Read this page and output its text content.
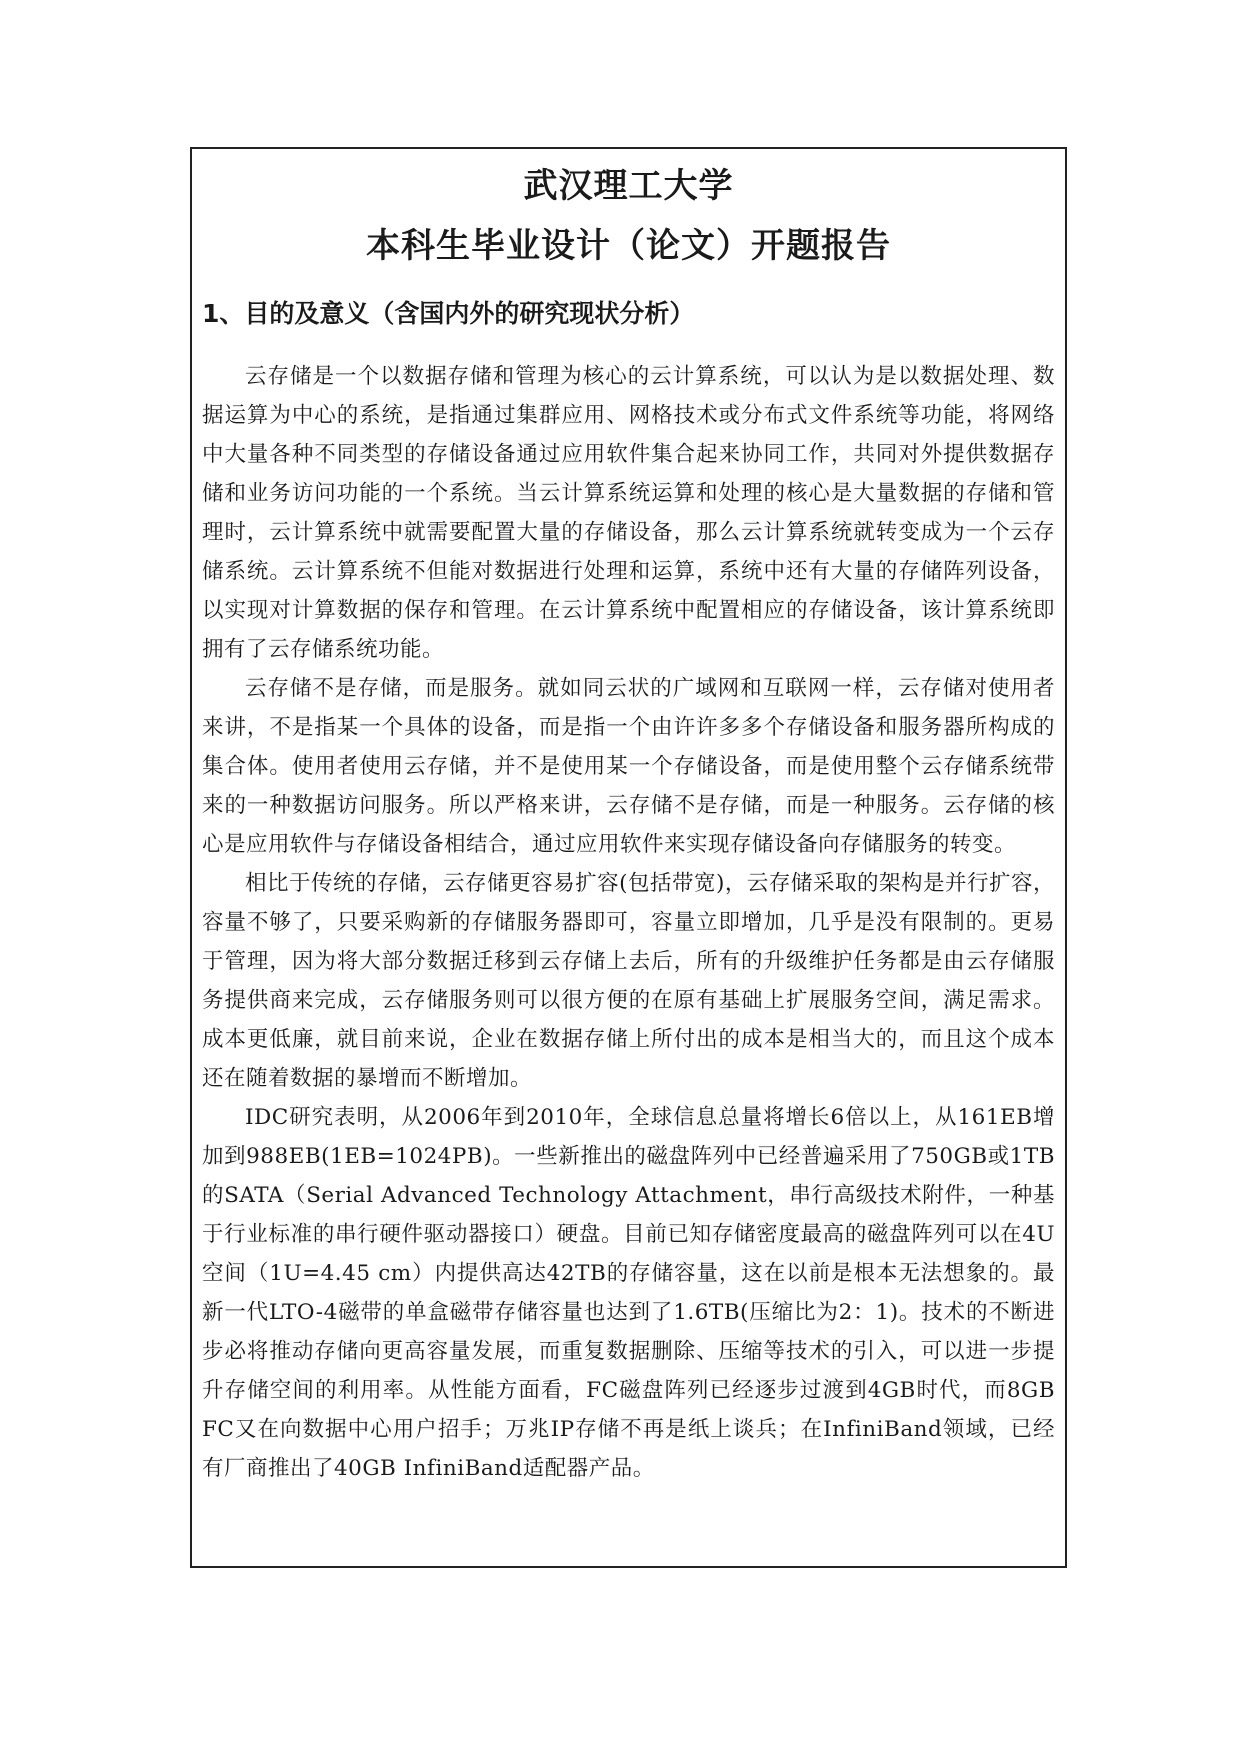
武汉理工大学
本科生毕业设计（论文）开题报告
1、目的及意义（含国内外的研究现状分析）

云存储是一个以数据存储和管理为核心的云计算系统，可以认为是以数据处理、数据运算为中心的系统，是指通过集群应用、网格技术或分布式文件系统等功能，将网络中大量各种不同类型的存储设备通过应用软件集合起来协同工作，共同对外提供数据存储和业务访问功能的一个系统。当云计算系统运算和处理的核心是大量数据的存储和管理时，云计算系统中就需要配置大量的存储设备，那么云计算系统就转变成为一个云存储系统。云计算系统不但能对数据进行处理和运算，系统中还有大量的存储阵列设备，以实现对计算数据的保存和管理。在云计算系统中配置相应的存储设备，该计算系统即拥有了云存储系统功能。

云存储不是存储，而是服务。就如同云状的广域网和互联网一样，云存储对使用者来讲，不是指某一个具体的设备，而是指一个由许许多多个存储设备和服务器所构成的集合体。使用者使用云存储，并不是使用某一个存储设备，而是使用整个云存储系统带来的一种数据访问服务。所以严格来讲，云存储不是存储，而是一种服务。云存储的核心是应用软件与存储设备相结合，通过应用软件来实现存储设备向存储服务的转变。

相比于传统的存储，云存储更容易扩容(包括带宽)，云存储采取的架构是并行扩容，容量不够了，只要采购新的存储服务器即可，容量立即增加，几乎是没有限制的。更易于管理，因为将大部分数据迁移到云存储上去后，所有的升级维护任务都是由云存储服务提供商来完成，云存储服务则可以很方便的在原有基础上扩展服务空间，满足需求。成本更低廉，就目前来说，企业在数据存储上所付出的成本是相当大的，而且这个成本还在随着数据的暴增而不断增加。

IDC研究表明，从2006年到2010年，全球信息总量将增长6倍以上，从161EB增加到988EB(1EB=1024PB)。一些新推出的磁盘阵列中已经普遍采用了750GB或1TB的SATA（Serial Advanced Technology Attachment，串行高级技术附件，一种基于行业标准的串行硬件驱动器接口）硬盘。目前已知存储密度最高的磁盘阵列可以在4U空间（1U=4.45 cm）内提供高达42TB的存储容量，这在以前是根本无法想象的。最新一代LTO-4磁带的单盒磁带存储容量也达到了1.6TB(压缩比为2：1)。技术的不断进步必将推动存储向更高容量发展，而重复数据删除、压缩等技术的引入，可以进一步提升存储空间的利用率。从性能方面看，FC磁盘阵列已经逐步过渡到4GB时代，而8GB FC又在向数据中心用户招手；万兆IP存储不再是纸上谈兵；在InfiniBand领域，已经有厂商推出了40GB InfiniBand适配器产品。
